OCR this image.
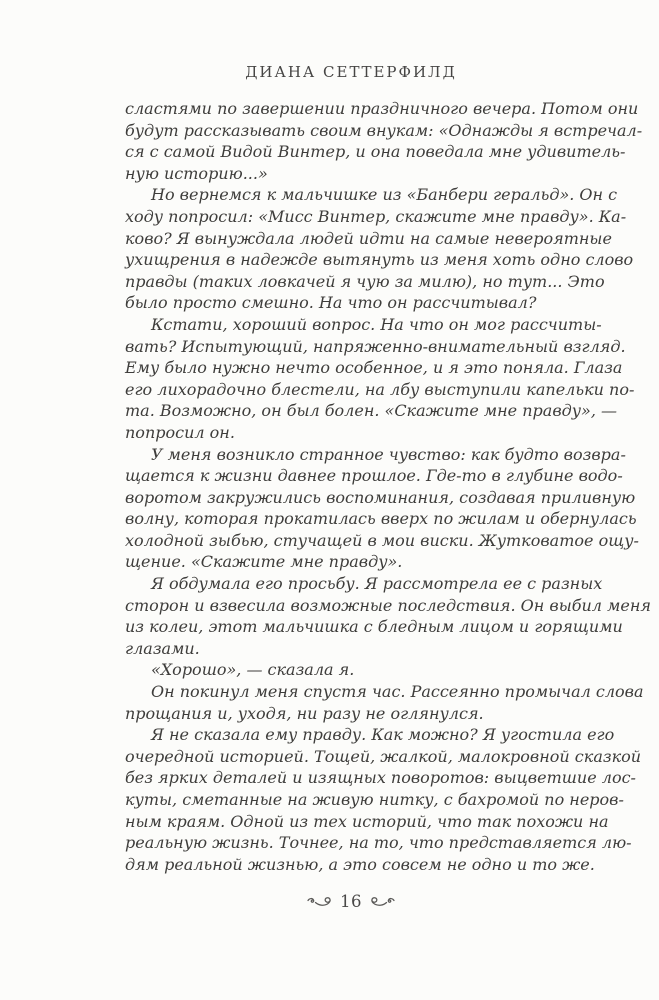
ДИАНА СЕТТЕРФИЛД
сластями по завершении праздничного вечера. Потом они
будут рассказывать своим внукам: «Однажды я встречал-
ся с самой Видой Винтер, и она поведала мне удивитель-
ную историю...»
Но вернемся к мальчишке из «Банбери геральд». Он с
ходу попросил: «Мисс Винтер, скажите мне правду». Ка-
ково? Я вынуждала людей идти на самые невероятные
ухищрения в надежде вытянуть из меня хоть одно слово
правды (таких ловкачей я чую за милю), но тут... Это
было просто смешно. На что он рассчитывал?
Кстати, хороший вопрос. На что он мог рассчиты-
вать? Испытующий, напряженно-внимательный взгляд.
Ему было нужно нечто особенное, и я это поняла. Глаза
его лихорадочно блестели, на лбу выступили капельки по-
та. Возможно, он был болен. «Скажите мне правду», —
попросил он.
У меня возникло странное чувство: как будто возвра-
щается к жизни давнее прошлое. Где-то в глубине водо-
воротом закружились воспоминания, создавая приливную
волну, которая прокатилась вверх по жилам и обернулась
холодной зыбью, стучащей в мои виски. Жутковатое ощу-
щение. «Скажите мне правду».
Я обдумала его просьбу. Я рассмотрела ее с разных
сторон и взвесила возможные последствия. Он выбил меня
из колеи, этот мальчишка с бледным лицом и горящими
глазами.
«Хорошо», — сказала я.
Он покинул меня спустя час. Рассеянно промычал слова
прощания и, уходя, ни разу не оглянулся.
Я не сказала ему правду. Как можно? Я угостила его
очередной историей. Тощей, жалкой, малокровной сказкой
без ярких деталей и изящных поворотов: выцветшие лос-
куты, сметанные на живую нитку, с бахромой по неров-
ным краям. Одной из тех историй, что так похожи на
реальную жизнь. Точнее, на то, что представляется лю-
дям реальной жизнью, а это совсем не одно и то же.
16
